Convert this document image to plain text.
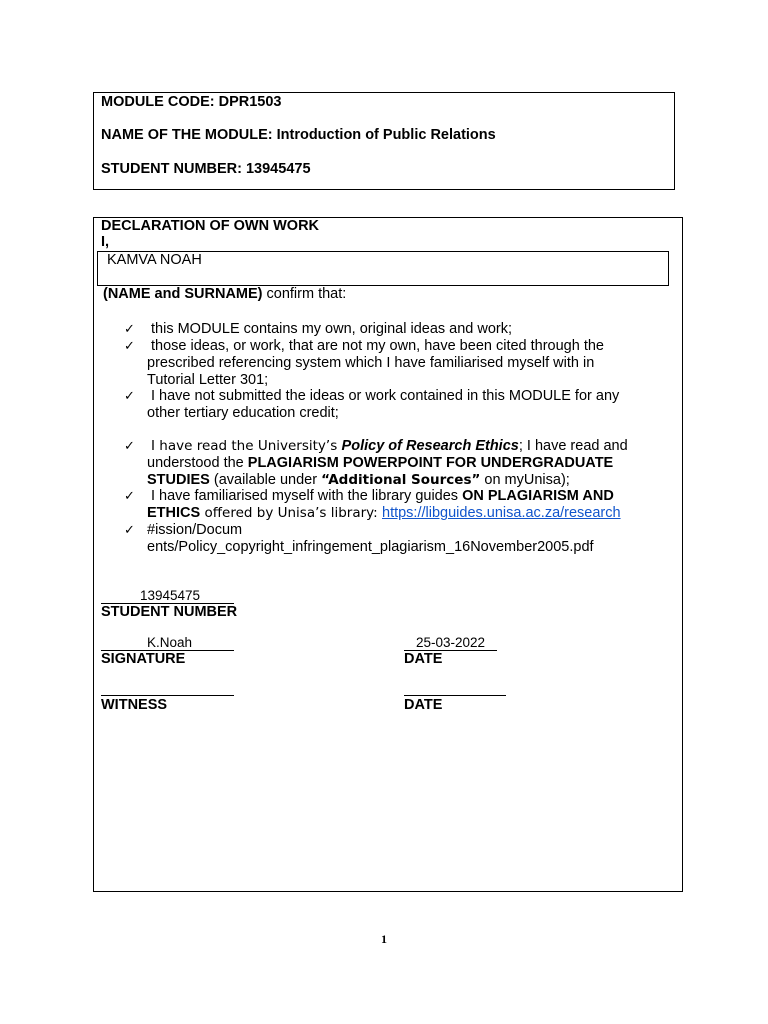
MODULE CODE: DPR1503
NAME OF THE MODULE: Introduction of Public Relations
STUDENT NUMBER: 13945475
DECLARATION OF OWN WORK
I,
KAMVA NOAH
(NAME and SURNAME) confirm that:
✓ this MODULE contains my own, original ideas and work;
✓ those ideas, or work, that are not my own, have been cited through the
prescribed referencing system which I have familiarised myself with in
Tutorial Letter 301;
✓ I have not submitted the ideas or work contained in this MODULE for any
other tertiary education credit;
✓ I have read the University’s Policy of Research Ethics; I have read and
understood the PLAGIARISM POWERPOINT FOR UNDERGRADUATE
STUDIES (available under “Additional Sources” on myUnisa);
✓ I have familiarised myself with the library guides ON PLAGIARISM AND
ETHICS offered by Unisa’s library: https://libguides.unisa.ac.za/research
✓ #ission/Docum
ents/Policy_copyright_infringement_plagiarism_16November2005.pdf
13945475
STUDENT NUMBER
K.Noah
SIGNATURE
25-03-2022
DATE
WITNESS	DATE
1
